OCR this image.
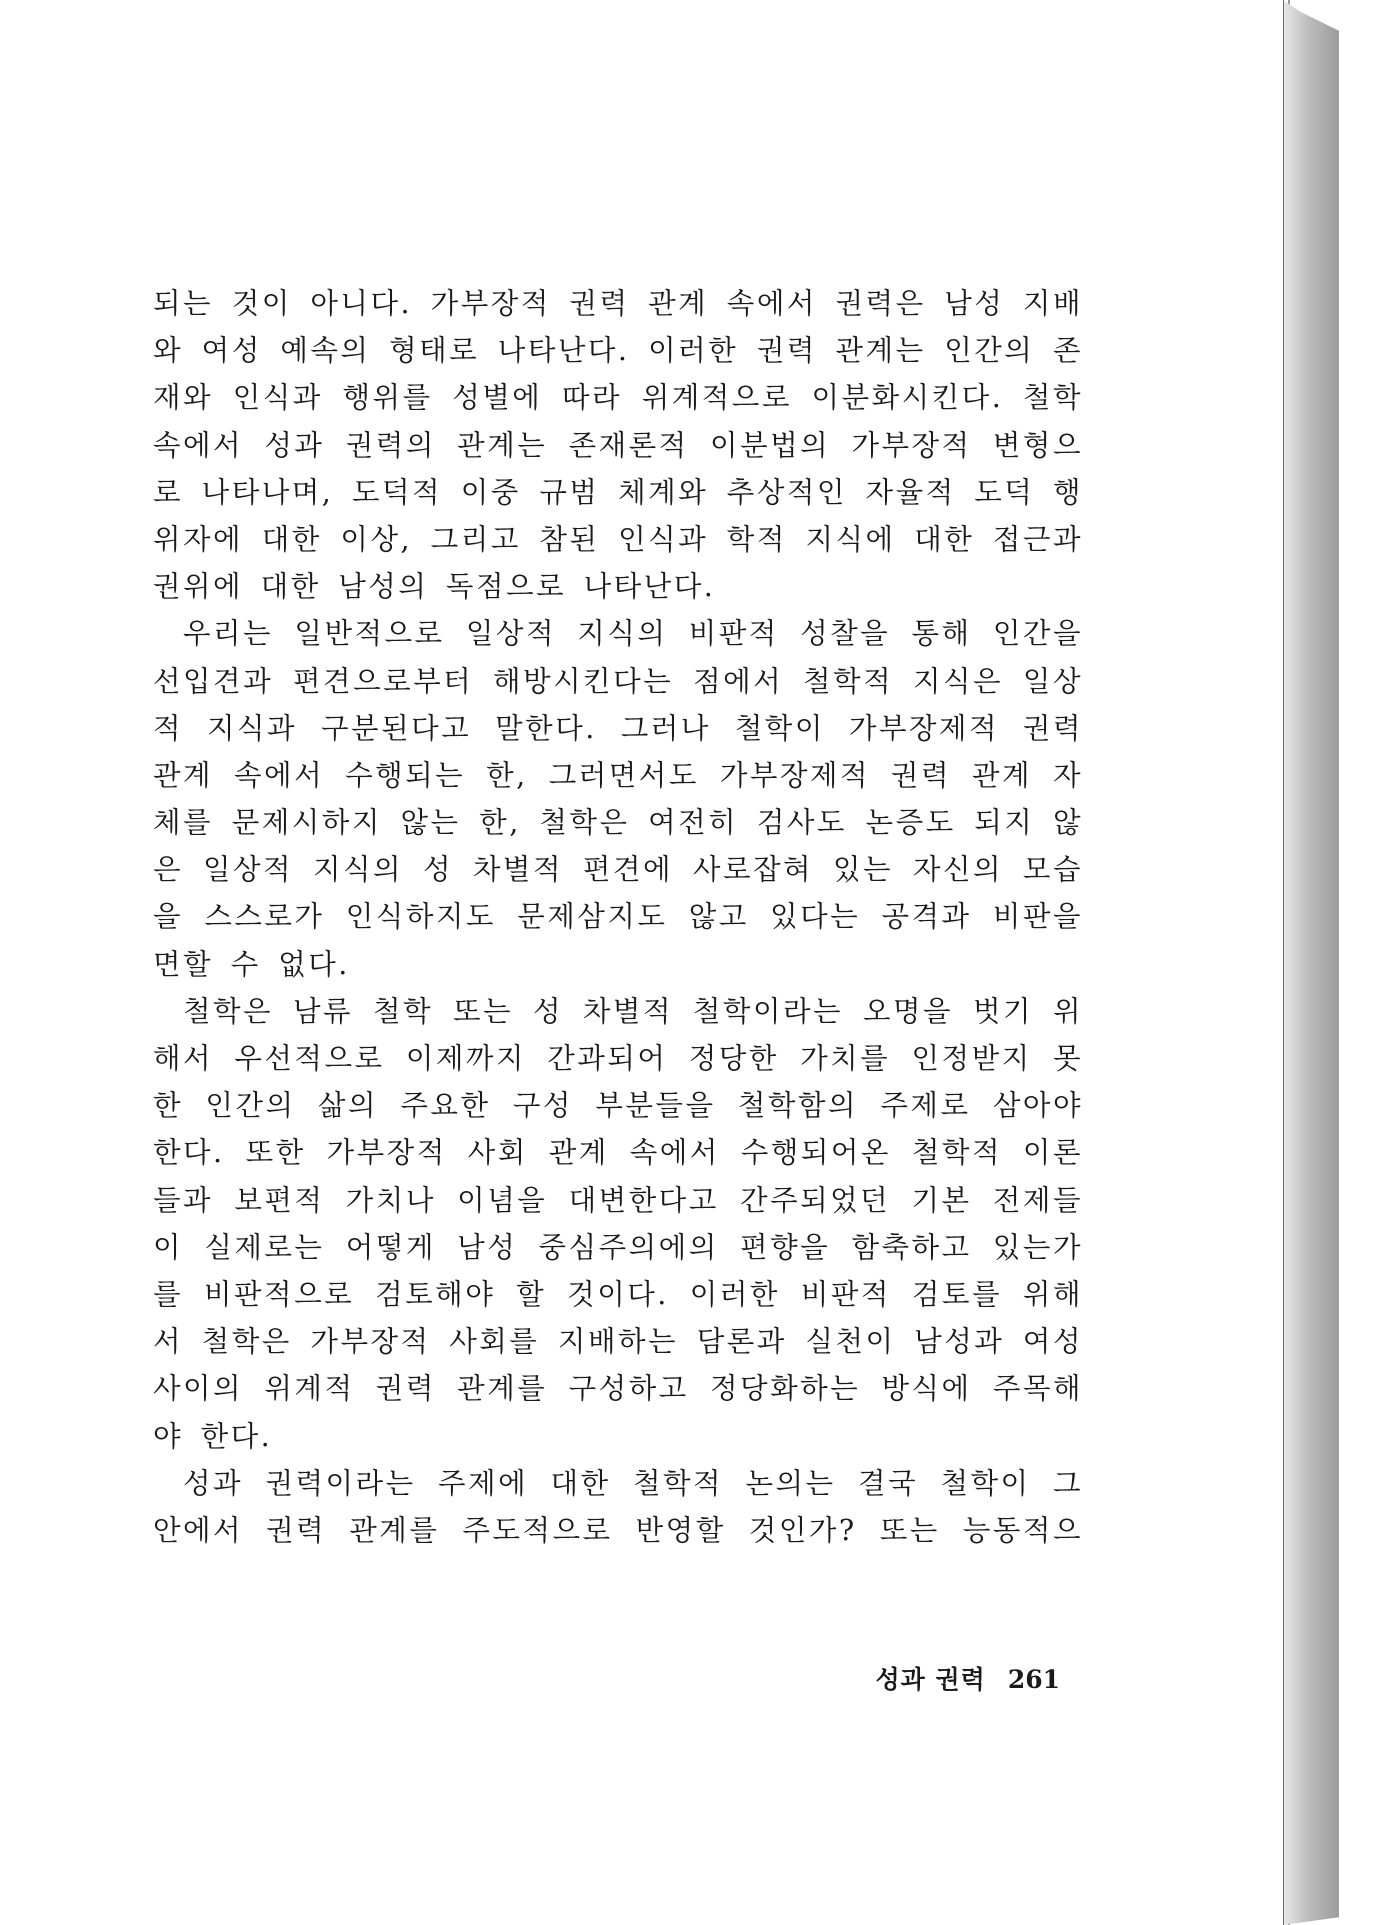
되는 것이 아니다. 가부장적 권력 관계 속에서 권력은 남성 지배
와 여성 예속의 형태로 나타난다. 이러한 권력 관계는 인간의 존
재와 인식과 행위를 성별에 따라 위계적으로 이분화시킨다. 철학
속에서 성과 권력의 관계는 존재론적 이분법의 가부장적 변형으
로 나타나며, 도덕적 이중 규범 체계와 추상적인 자율적 도덕 행
위자에 대한 이상, 그리고 참된 인식과 학적 지식에 대한 접근과
권위에 대한 남성의 독점으로 나타난다.
우리는 일반적으로 일상적 지식의 비판적 성찰을 통해 인간을
선입견과 편견으로부터 해방시킨다는 점에서 철학적 지식은 일상
적 지식과 구분된다고 말한다. 그러나 철학이 가부장제적 권력
관계 속에서 수행되는 한, 그러면서도 가부장제적 권력 관계 자
체를 문제시하지 않는 한, 철학은 여전히 검사도 논증도 되지 않
은 일상적 지식의 성 차별적 편견에 사로잡혀 있는 자신의 모습
을 스스로가 인식하지도 문제삼지도 않고 있다는 공격과 비판을
면할 수 없다.
철학은 남류 철학 또는 성 차별적 철학이라는 오명을 벗기 위
해서 우선적으로 이제까지 간과되어 정당한 가치를 인정받지 못
한 인간의 삶의 주요한 구성 부분들을 철학함의 주제로 삼아야
한다. 또한 가부장적 사회 관계 속에서 수행되어온 철학적 이론
들과 보편적 가치나 이념을 대변한다고 간주되었던 기본 전제들
이 실제로는 어떻게 남성 중심주의에의 편향을 함축하고 있는가
를 비판적으로 검토해야 할 것이다. 이러한 비판적 검토를 위해
서 철학은 가부장적 사회를 지배하는 담론과 실천이 남성과 여성
사이의 위계적 권력 관계를 구성하고 정당화하는 방식에 주목해
야 한다.
성과 권력이라는 주제에 대한 철학적 논의는 결국 철학이 그
안에서 권력 관계를 주도적으로 반영할 것인가? 또는 능동적으
성과 권력 261
